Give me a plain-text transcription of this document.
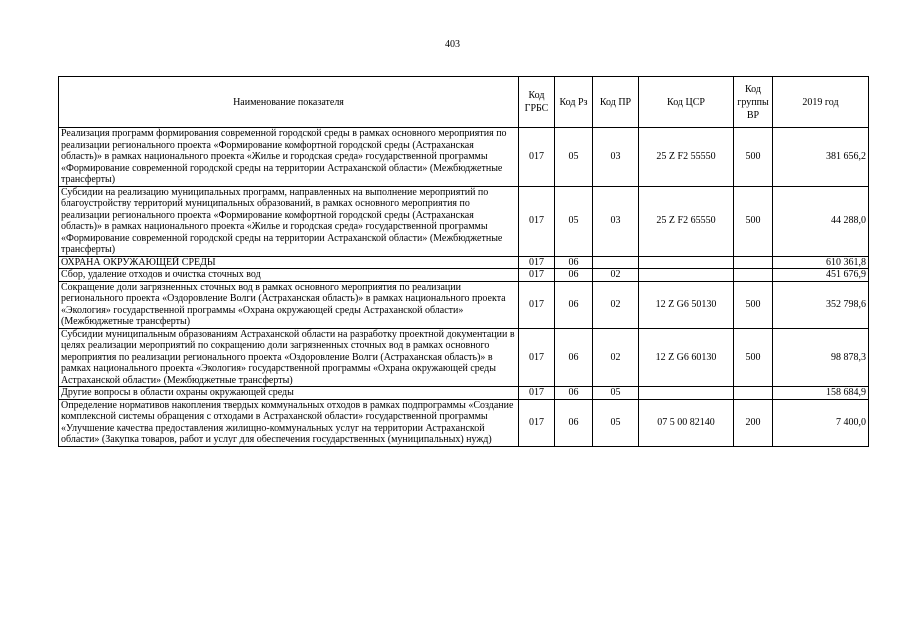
403
Наименование показателя	Код ГРБС	Код Рз	Код ПР	Код ЦСР	Код группы ВР	2019 год
Реализация программ формирования современной городской среды в рамках основного мероприятия по реализации регионального проекта «Формирование комфортной городской среды (Астраханская область)» в рамках национального проекта «Жилье и городская среда» государственной программы «Формирование современной городской среды на территории Астраханской области» (Межбюджетные трансферты)	017	05	03	25 Z F2 55550	500	381 656,2
Субсидии на реализацию муниципальных программ, направленных на выполнение мероприятий по благоустройству территорий муниципальных образований, в рамках основного мероприятия по реализации регионального проекта «Формирование комфортной городской среды (Астраханская область)» в рамках национального проекта «Жилье и городская среда» государственной программы «Формирование современной городской среды на территории Астраханской области» (Межбюджетные трансферты)	017	05	03	25 Z F2 65550	500	44 288,0
ОХРАНА ОКРУЖАЮЩЕЙ СРЕДЫ	017	06				610 361,8
Сбор, удаление отходов и очистка сточных вод	017	06	02			451 676,9
Сокращение доли загрязненных сточных вод в рамках основного мероприятия по реализации регионального проекта «Оздоровление Волги (Астраханская область)» в рамках национального проекта «Экология» государственной программы «Охрана окружающей среды Астраханской области» (Межбюджетные трансферты)	017	06	02	12 Z G6 50130	500	352 798,6
Субсидии муниципальным образованиям Астраханской области на разработку проектной документации в целях реализации мероприятий по сокращению доли загрязненных сточных вод в рамках основного мероприятия по реализации регионального проекта «Оздоровление Волги (Астраханская область)» в рамках национального проекта «Экология» государственной программы «Охрана окружающей среды Астраханской области» (Межбюджетные трансферты)	017	06	02	12 Z G6 60130	500	98 878,3
Другие вопросы в области охраны окружающей среды	017	06	05			158 684,9
Определение нормативов накопления твердых коммунальных отходов в рамках подпрограммы «Создание комплексной системы обращения с отходами в Астраханской области» государственной программы «Улучшение качества предоставления жилищно-коммунальных услуг на территории Астраханской области» (Закупка товаров, работ и услуг для обеспечения государственных (муниципальных) нужд)	017	06	05	07 5 00 82140	200	7 400,0
